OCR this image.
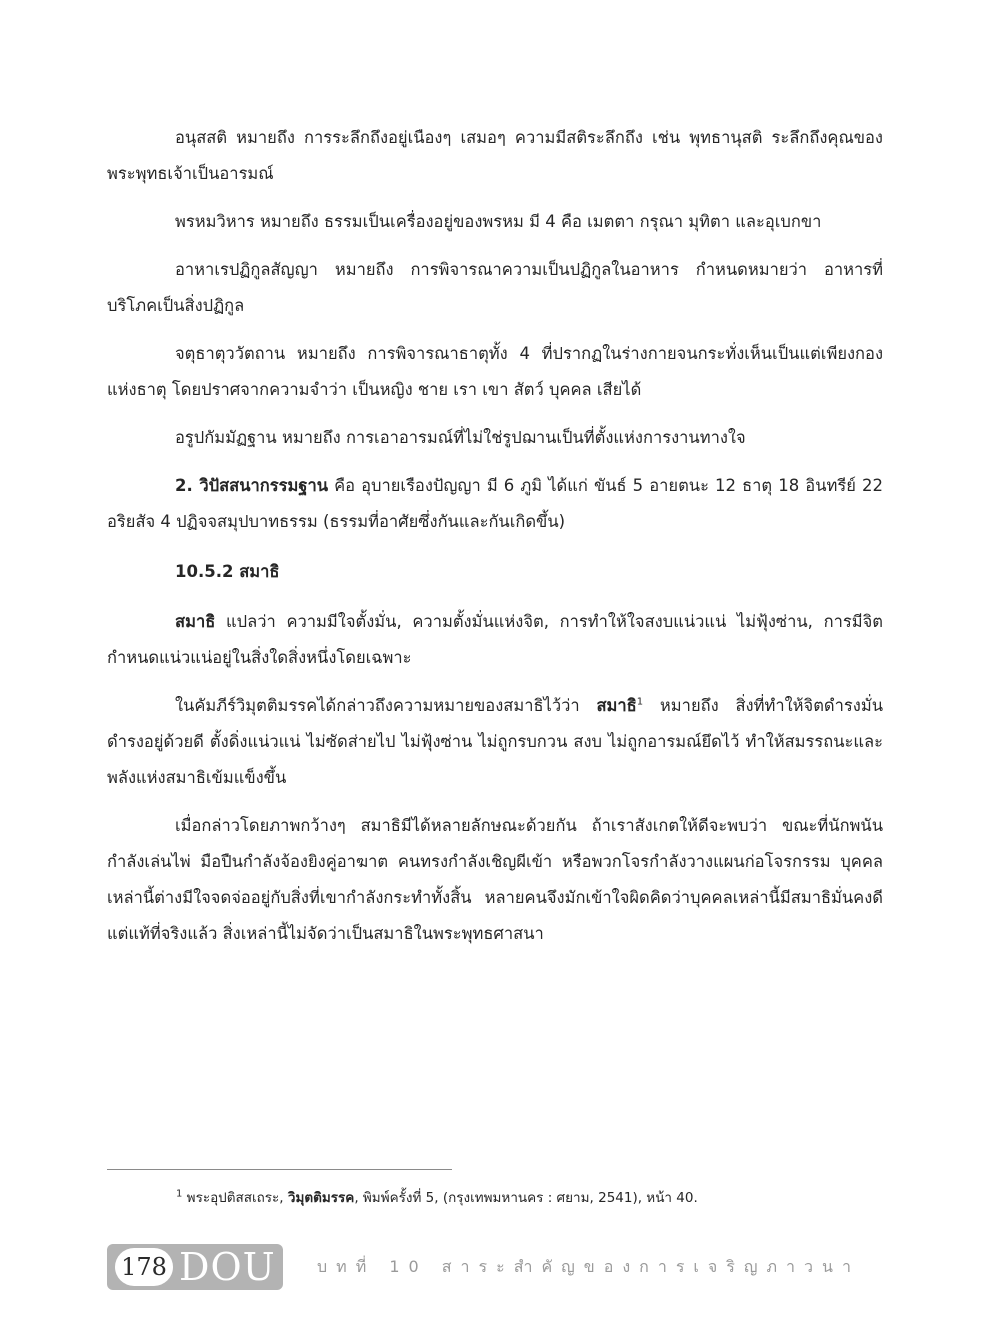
อนุสสติ หมายถึง การระลึกถึงอยู่เนืองๆ เสมอๆ ความมีสติระลึกถึง เช่น พุทธานุสติ ระลึกถึงคุณของพระพุทธเจ้าเป็นอารมณ์

พรหมวิหาร หมายถึง ธรรมเป็นเครื่องอยู่ของพรหม มี 4 คือ เมตตา กรุณา มุทิตา และอุเบกขา

อาหาเรปฏิกูลสัญญา หมายถึง การพิจารณาความเป็นปฏิกูลในอาหาร กำหนดหมายว่า อาหารที่บริโภคเป็นสิ่งปฏิกูล

จตุธาตุววัตถาน หมายถึง การพิจารณาธาตุทั้ง 4 ที่ปรากฏในร่างกายจนกระทั่งเห็นเป็นแต่เพียงกองแห่งธาตุ โดยปราศจากความจำว่า เป็นหญิง ชาย เรา เขา สัตว์ บุคคล เสียได้

อรูปกัมมัฏฐาน หมายถึง การเอาอารมณ์ที่ไม่ใช่รูปฌานเป็นที่ตั้งแห่งการงานทางใจ

2. วิปัสสนากรรมฐาน คือ อุบายเรืองปัญญา มี 6 ภูมิ ได้แก่ ขันธ์ 5 อายตนะ 12 ธาตุ 18 อินทรีย์ 22 อริยสัจ 4 ปฏิจจสมุปบาทธรรม (ธรรมที่อาศัยซึ่งกันและกันเกิดขึ้น)

10.5.2 สมาธิ

สมาธิ แปลว่า ความมีใจตั้งมั่น, ความตั้งมั่นแห่งจิต, การทำให้ใจสงบแน่วแน่ ไม่ฟุ้งซ่าน, การมีจิตกำหนดแน่วแน่อยู่ในสิ่งใดสิ่งหนึ่งโดยเฉพาะ

ในคัมภีร์วิมุตติมรรคได้กล่าวถึงความหมายของสมาธิไว้ว่า สมาธิ$^1$ หมายถึง สิ่งที่ทำให้จิตดำรงมั่น ดำรงอยู่ด้วยดี ตั้งดิ่งแน่วแน่ ไม่ซัดส่ายไป ไม่ฟุ้งซ่าน ไม่ถูกรบกวน สงบ ไม่ถูกอารมณ์ยึดไว้ ทำให้สมรรถนะและพลังแห่งสมาธิเข้มแข็งขึ้น

เมื่อกล่าวโดยภาพกว้างๆ สมาธิมีได้หลายลักษณะด้วยกัน ถ้าเราสังเกตให้ดีจะพบว่า ขณะที่นักพนัน กำลังเล่นไพ่ มือปืนกำลังจ้องยิงคู่อาฆาต คนทรงกำลังเชิญผีเข้า หรือพวกโจรกำลังวางแผนก่อโจรกรรม บุคคลเหล่านี้ต่างมีใจจดจ่ออยู่กับสิ่งที่เขากำลังกระทำทั้งสิ้น หลายคนจึงมักเข้าใจผิดคิดว่าบุคคลเหล่านี้มีสมาธิมั่นคงดี แต่แท้ที่จริงแล้ว สิ่งเหล่านี้ไม่จัดว่าเป็นสมาธิในพระพุทธศาสนา

$^1$ พระอุปติสสเถระ, วิมุตติมรรค, พิมพ์ครั้งที่ 5, (กรุงเทพมหานคร : ศยาม, 2541), หน้า 40.
178 DOU	บทที่ 10 สาระสำคัญของการเจริญภาวนา
